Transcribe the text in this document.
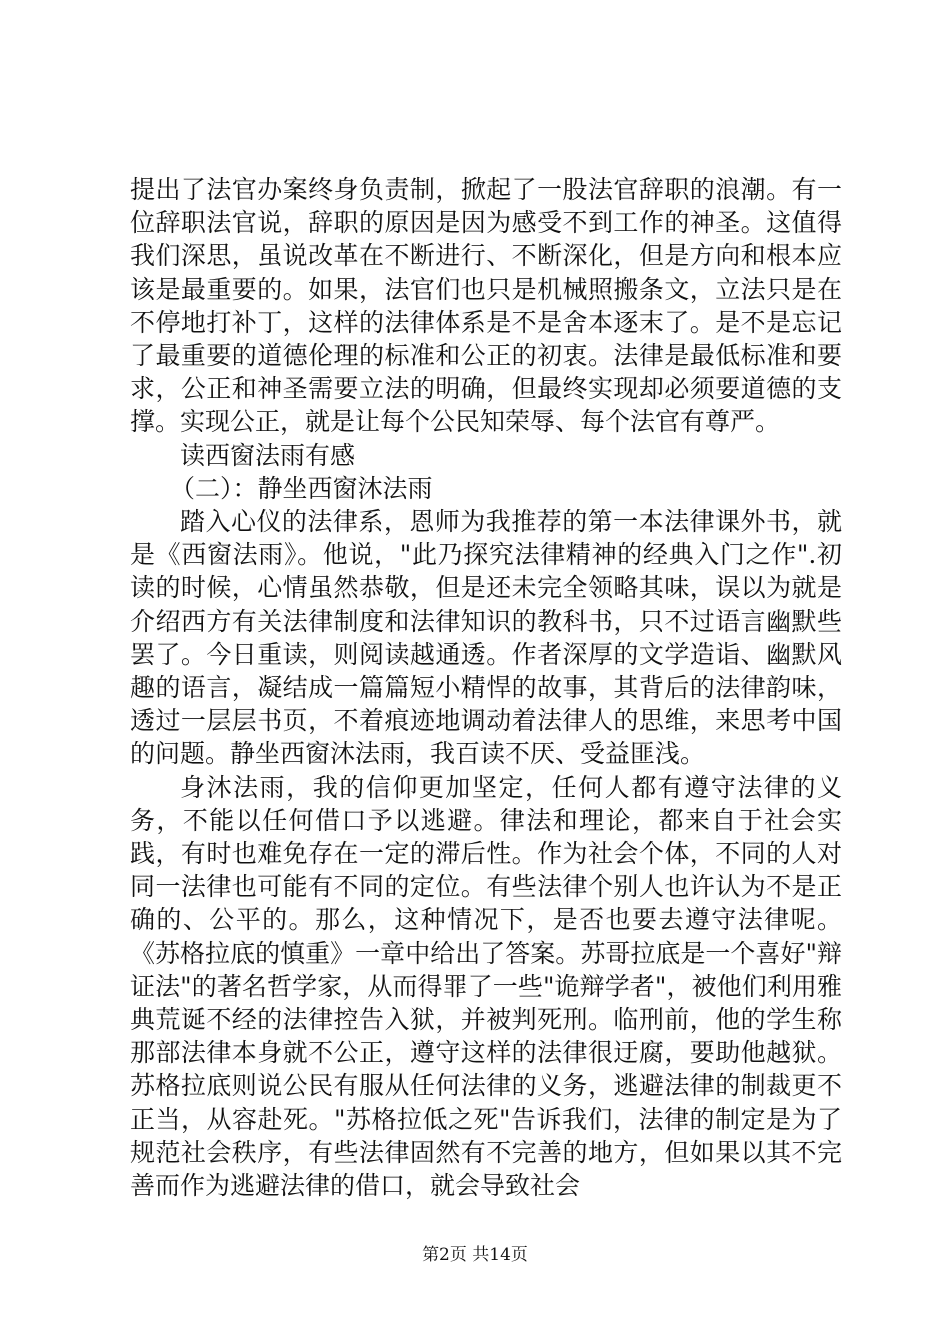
提出了法官办案终身负责制，掀起了一股法官辞职的浪潮。有一位辞职法官说，辞职的原因是因为感受不到工作的神圣。这值得我们深思，虽说改革在不断进行、不断深化，但是方向和根本应该是最重要的。如果，法官们也只是机械照搬条文，立法只是在不停地打补丁，这样的法律体系是不是舍本逐末了。是不是忘记了最重要的道德伦理的标准和公正的初衷。法律是最低标准和要求，公正和神圣需要立法的明确，但最终实现却必须要道德的支撑。实现公正，就是让每个公民知荣辱、每个法官有尊严。

读西窗法雨有感

（二）：静坐西窗沐法雨

踏入心仪的法律系，恩师为我推荐的第一本法律课外书，就是《西窗法雨》。他说，"此乃探究法律精神的经典入门之作".初读的时候，心情虽然恭敬，但是还未完全领略其味，误以为就是介绍西方有关法律制度和法律知识的教科书，只不过语言幽默些罢了。今日重读，则阅读越通透。作者深厚的文学造诣、幽默风趣的语言，凝结成一篇篇短小精悍的故事，其背后的法律韵味，透过一层层书页，不着痕迹地调动着法律人的思维，来思考中国的问题。静坐西窗沐法雨，我百读不厌、受益匪浅。

身沐法雨，我的信仰更加坚定，任何人都有遵守法律的义务，不能以任何借口予以逃避。律法和理论，都来自于社会实践，有时也难免存在一定的滞后性。作为社会个体，不同的人对同一法律也可能有不同的定位。有些法律个别人也许认为不是正确的、公平的。那么，这种情况下，是否也要去遵守法律呢。《苏格拉底的慎重》一章中给出了答案。苏哥拉底是一个喜好"辩证法"的著名哲学家，从而得罪了一些"诡辩学者"，被他们利用雅典荒诞不经的法律控告入狱，并被判死刑。临刑前，他的学生称那部法律本身就不公正，遵守这样的法律很迂腐，要助他越狱。苏格拉底则说公民有服从任何法律的义务，逃避法律的制裁更不正当，从容赴死。"苏格拉低之死"告诉我们，法律的制定是为了规范社会秩序，有些法律固然有不完善的地方，但如果以其不完善而作为逃避法律的借口，就会导致社会

第2页 共14页
